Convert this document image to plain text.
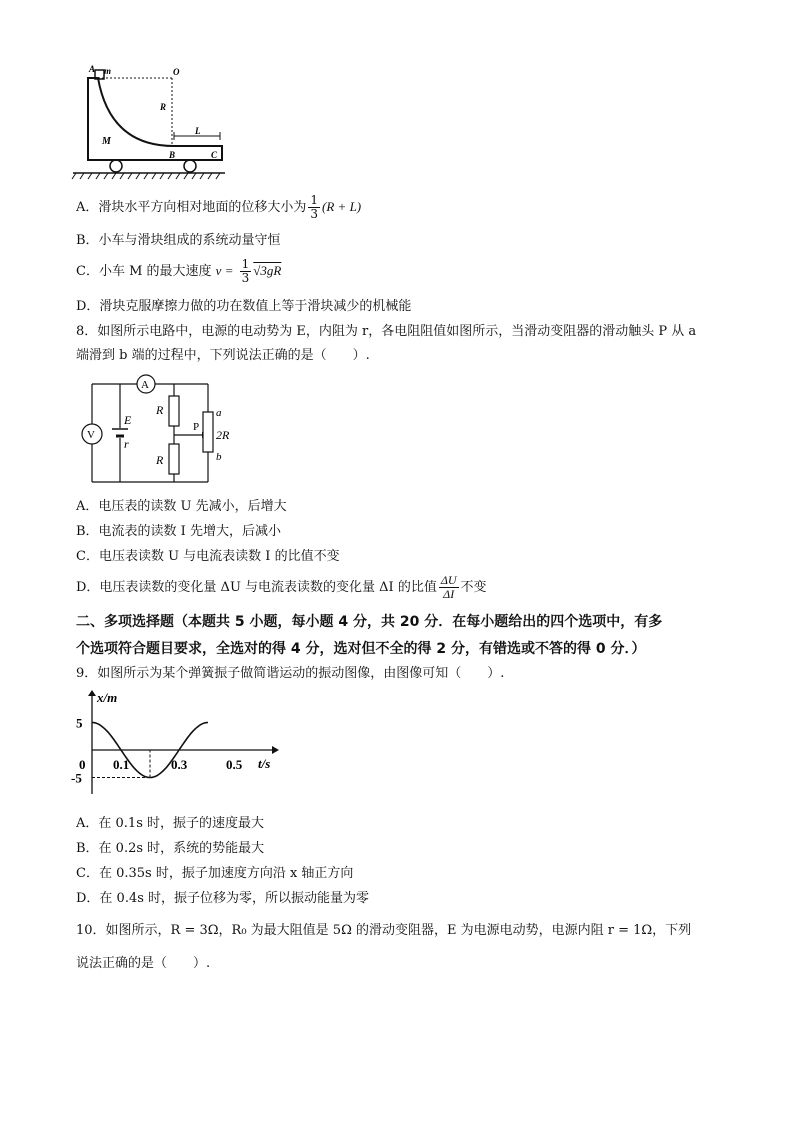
A m	O
R
M
B
L
C
A．滑块水平方向相对地面的位移大小为 $\frac{1}{3} (R + L)$
B．小车与滑块组成的系统动量守恒
C．小车 M 的最大速度 $v = \frac{1}{3} √3gR$
D．滑块克服摩擦力做的功在数值上等于滑块减少的机械能
8．如图所示电路中，电源的电动势为 E，内阻为 r，各电阻阻值如图所示，当滑动变阻器的滑动触头 P 从 a
端滑到 b 端的过程中，下列说法正确的是（　　）.
A
V
E
r
R
R
P
a
b
2R
A．电压表的读数 U 先减小，后增大
B．电流表的读数 I 先增大，后减小
C．电压表读数 U 与电流表读数 I 的比值不变
D．电压表读数的变化量 ΔU 与电流表读数的变化量 ΔI 的比值 $\frac{\Delta U}{\Delta I}$ 不变
二、多项选择题（本题共 5 小题，每小题 4 分，共 20 分．在每小题给出的四个选项中，有多
个选项符合题目要求，全选对的得 4 分，选对但不全的得 2 分，有错选或不答的得 0 分．）
9．如图所示为某个弹簧振子做简谐运动的振动图像，由图像可知（　　）.
x/m
t/s
5
-5
0 0.1	0.3	0.5
A．在 0.1s 时，振子的速度最大
B．在 0.2s 时，系统的势能最大
C．在 0.35s 时，振子加速度方向沿 x 轴正方向
D．在 0.4s 时，振子位移为零，所以振动能量为零
10．如图所示，R = 3Ω，R₀ 为最大阻值是 5Ω 的滑动变阻器，E 为电源电动势，电源内阻 r = 1Ω，下列
说法正确的是（　　）.
